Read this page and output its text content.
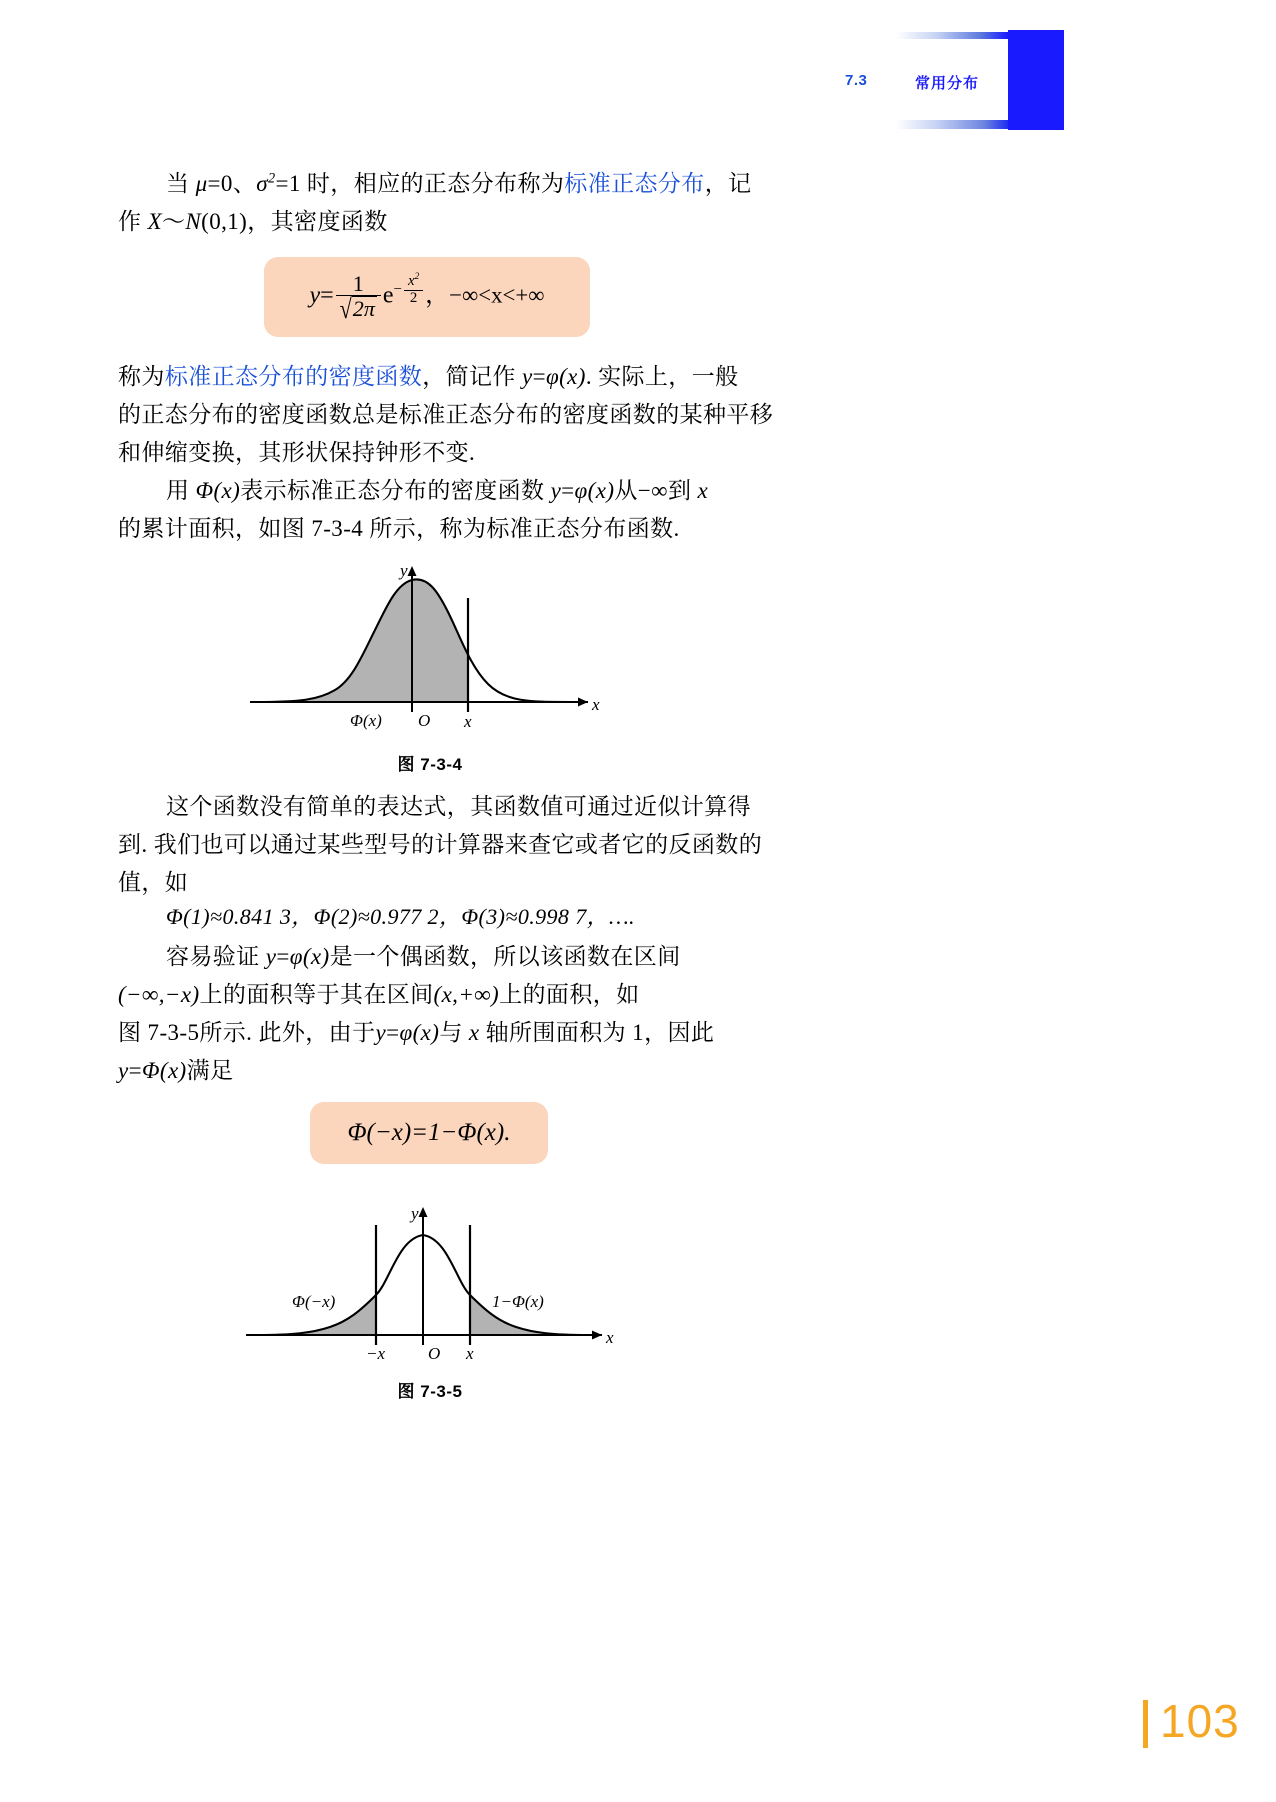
7.3	常用分布
当 μ=0、$\sigma^2=1$ 时，相应的正态分布称为标准正态分布，记
作 X～N(0,1)，其密度函数
$y= \frac{1}{√2\pi} e- \frac{x^2}{2}$ ，−∞<x<+∞
称为标准正态分布的密度函数，简记作 y=φ(x). 实际上，一般
的正态分布的密度函数总是标准正态分布的密度函数的某种平移
和伸缩变换，其形状保持钟形不变.
用 Φ(x)表示标准正态分布的密度函数 y=φ(x)从−∞到 x
的累计面积，如图 7-3-4 所示，称为标准正态分布函数.
y
x
Φ(x) O x
图 7-3-4
这个函数没有简单的表达式，其函数值可通过近似计算得
到. 我们也可以通过某些型号的计算器来查它或者它的反函数的
值，如
Φ(1)≈0.841 3，Φ(2)≈0.977 2，Φ(3)≈0.998 7，….
容易验证 y=φ(x)是一个偶函数，所以该函数在区间
(−∞,−x)上的面积等于其在区间(x,+∞)上的面积，如
图 7-3-5所示. 此外，由于y=φ(x)与 x 轴所围面积为 1，因此
y=Φ(x)满足
Φ(−x)=1−Φ(x).
y
x
Φ(−x)	1−Φ(x)
−x	O x
图 7-3-5
103
